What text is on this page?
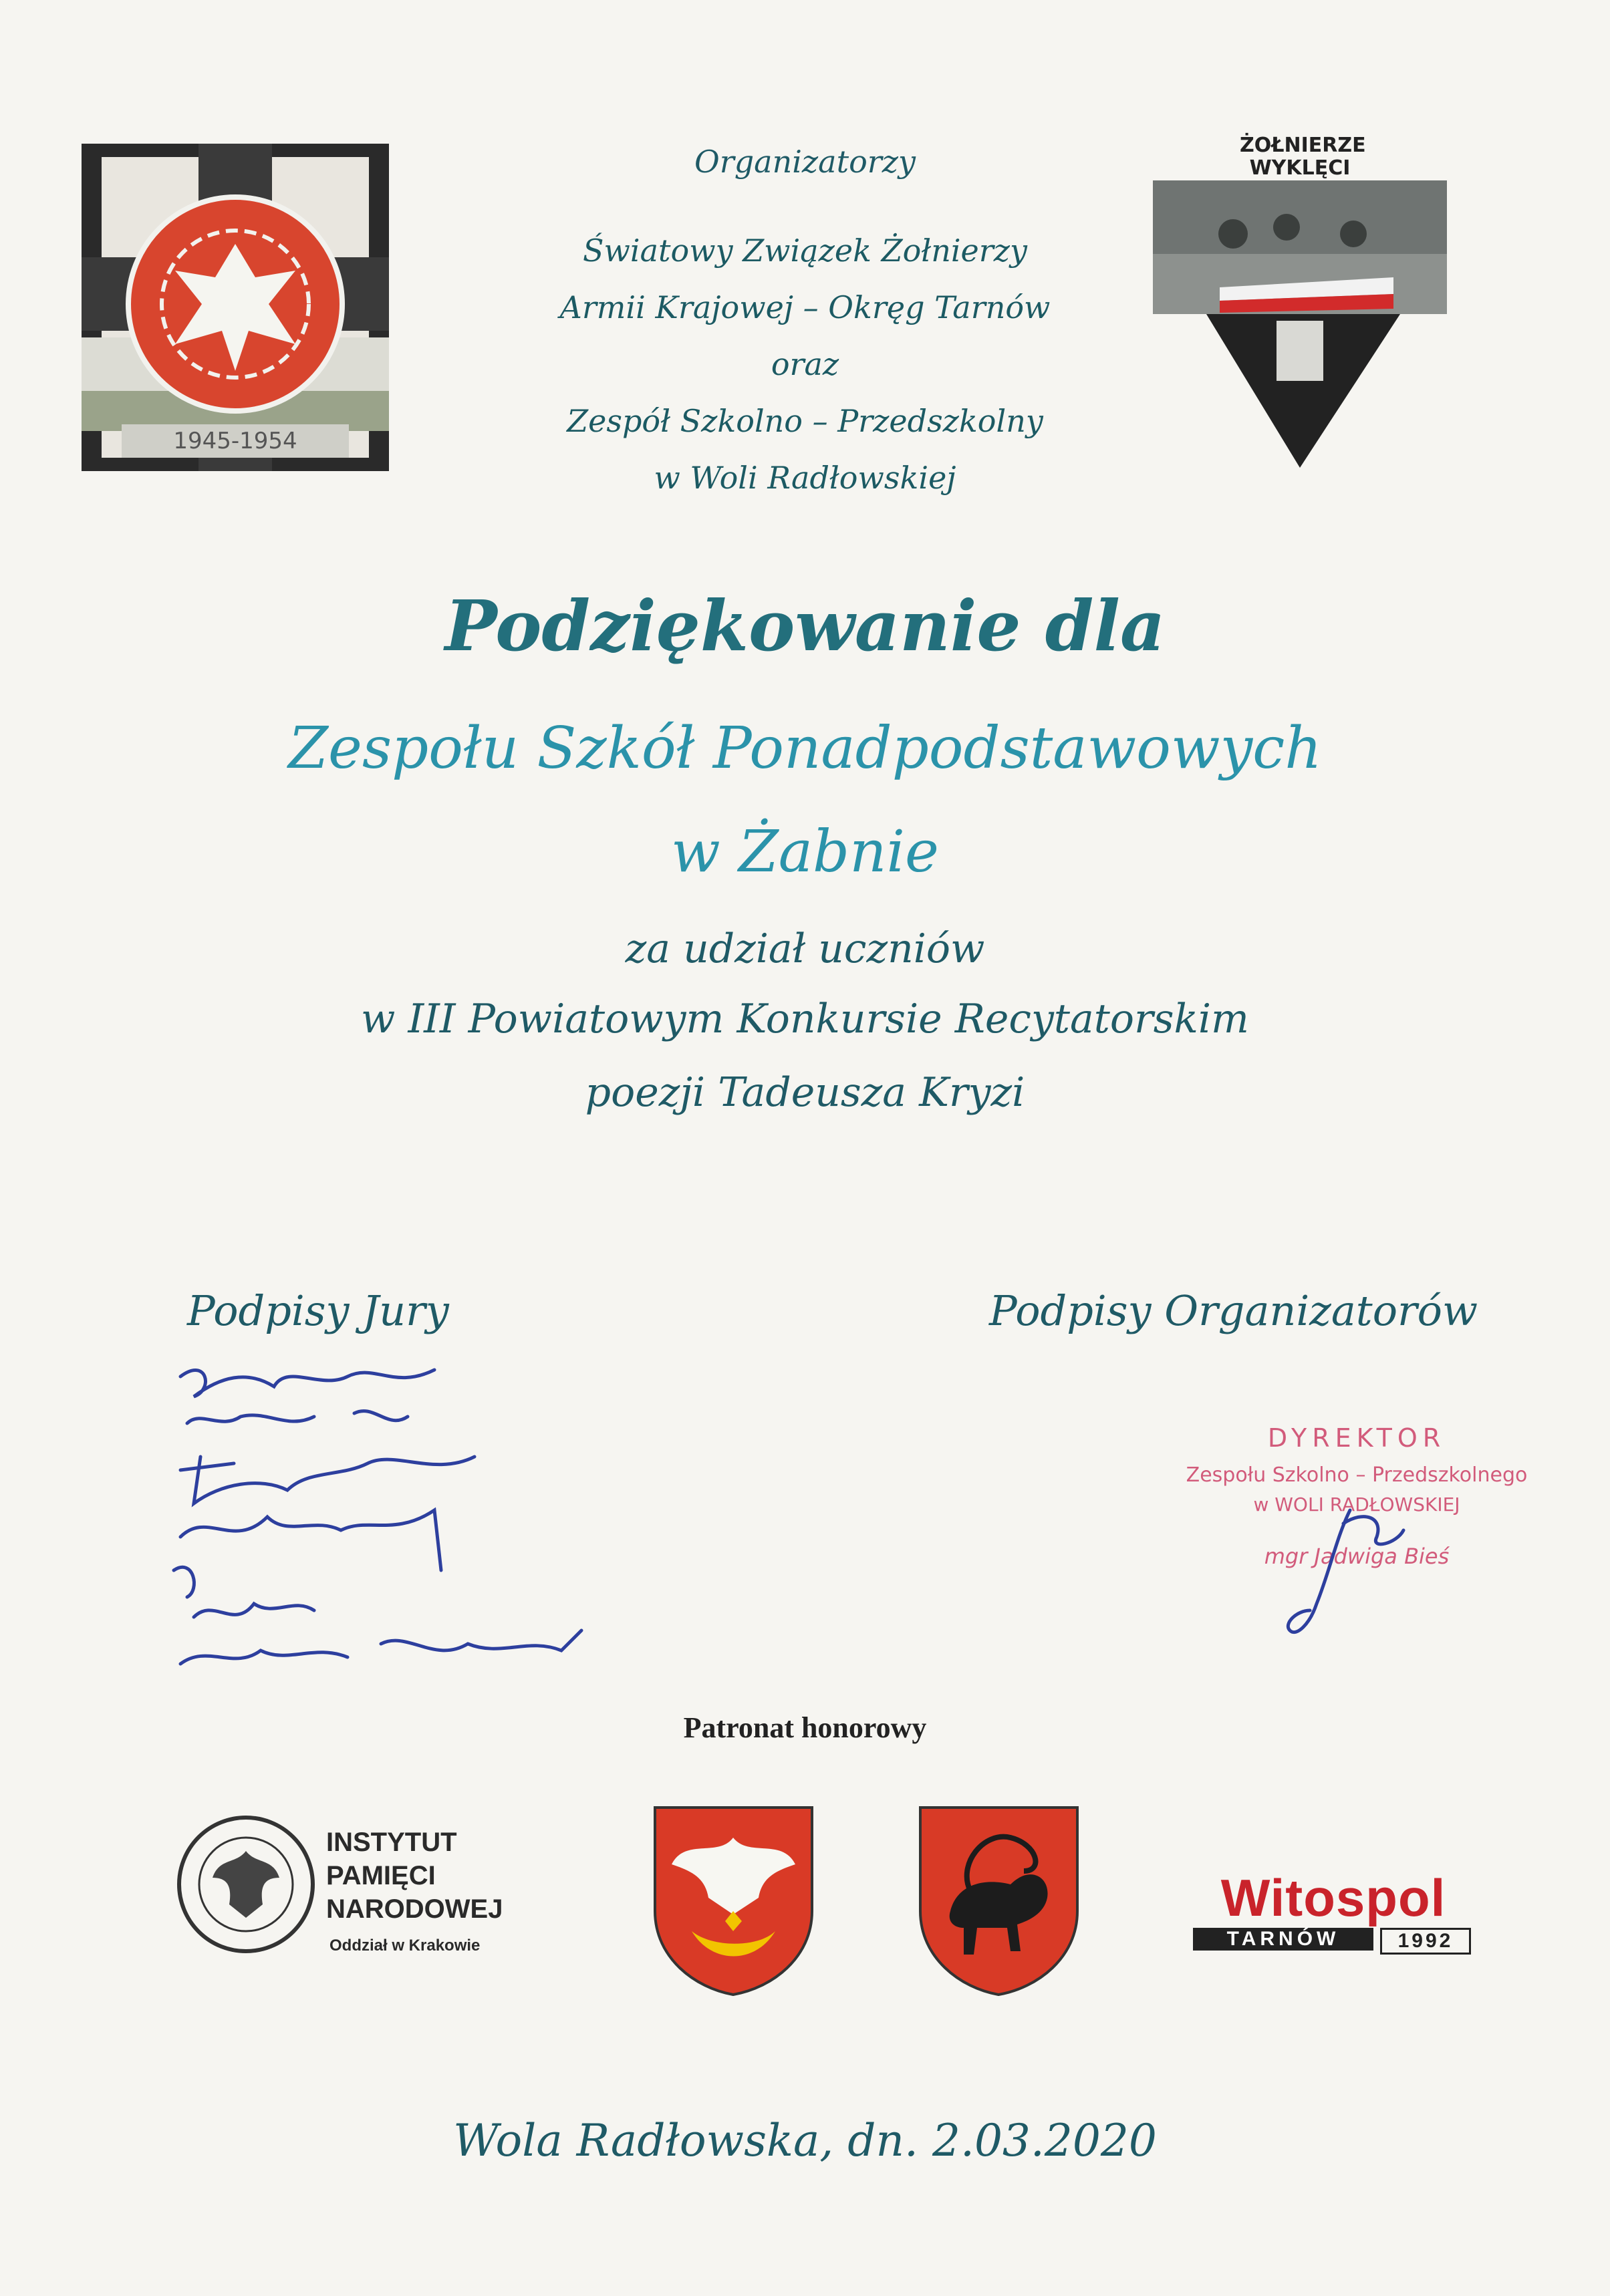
1945-1954
Organizatorzy
Światowy Związek Żołnierzy
Armii Krajowej – Okręg Tarnów
oraz
Zespół Szkolno – Przedszkolny
w Woli Radłowskiej
ŻOŁNIERZE
WYKLĘCI
Podziękowanie dla
Zespołu Szkół Ponadpodstawowych
w Żabnie
za udział uczniów
w III Powiatowym Konkursie Recytatorskim
poezji Tadeusza Kryzi
Podpisy Jury	Podpisy Organizatorów
DYREKTOR
Zespołu Szkolno – Przedszkolnego
w WOLI RADŁOWSKIEJ
mgr Jadwiga Bieś
Patronat honorowy
INSTYTUT
PAMIĘCI
NARODOWEJ
Oddział w Krakowie
Witospol
TARNÓW	1992
Wola Radłowska, dn. 2.03.2020
